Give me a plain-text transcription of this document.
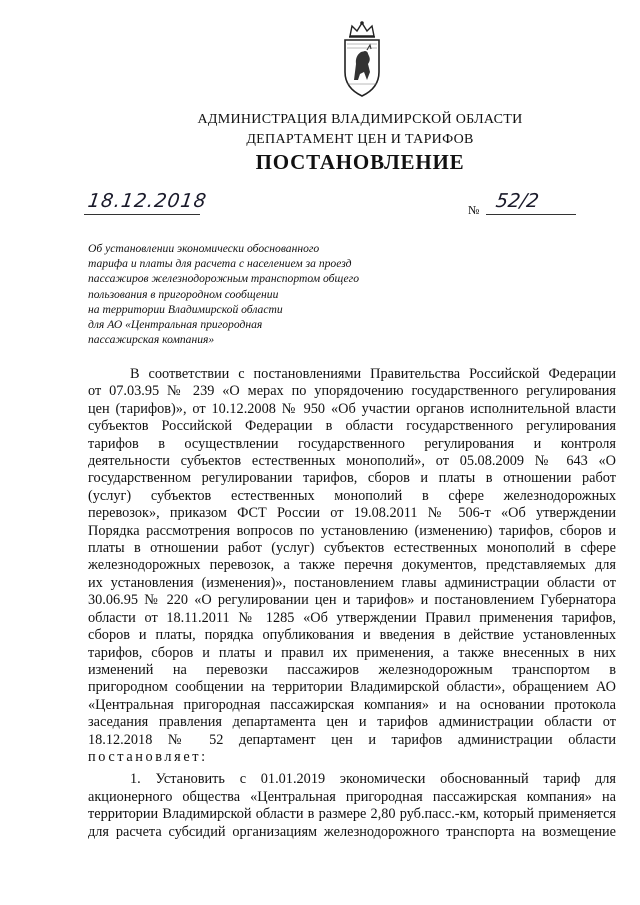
АДМИНИСТРАЦИЯ ВЛАДИМИРСКОЙ ОБЛАСТИ
ДЕПАРТАМЕНТ ЦЕН И ТАРИФОВ
ПОСТАНОВЛЕНИЕ
18.12.2018	№ 52/2
Об установлении экономически обоснованного
тарифа и платы для расчета с населением за проезд
пассажиров железнодорожным транспортом общего
пользования в пригородном сообщении
на территории Владимирской области
для АО «Центральная пригородная
пассажирская компания»
В соответствии с постановлениями Правительства Российской Федерации
от 07.03.95 № 239 «О мерах по упорядочению государственного регулирования
цен (тарифов)», от 10.12.2008 № 950 «Об участии органов исполнительной власти
субъектов Российской Федерации в области государственного регулирования
тарифов в осуществлении государственного регулирования и контроля
деятельности субъектов естественных монополий», от 05.08.2009 № 643 «О
государственном регулировании тарифов, сборов и платы в отношении работ
(услуг) субъектов естественных монополий в сфере железнодорожных
перевозок», приказом ФСТ России от 19.08.2011 № 506-т «Об утверждении
Порядка рассмотрения вопросов по установлению (изменению) тарифов, сборов и
платы в отношении работ (услуг) субъектов естественных монополий в сфере
железнодорожных перевозок, а также перечня документов, представляемых для
их установления (изменения)», постановлением главы администрации области от
30.06.95 № 220 «О регулировании цен и тарифов» и постановлением Губернатора
области от 18.11.2011 № 1285 «Об утверждении Правил применения тарифов,
сборов и платы, порядка опубликования и введения в действие установленных
тарифов, сборов и платы и правил их применения, а также внесенных в них
изменений на перевозки пассажиров железнодорожным транспортом в
пригородном сообщении на территории Владимирской области», обращением АО
«Центральная пригородная пассажирская компания» и на основании протокола
заседания правления департамента цен и тарифов администрации области от
18.12.2018 № 52 департамент цен и тарифов администрации области
постановляет:
1. Установить с 01.01.2019 экономически обоснованный тариф для
акционерного общества «Центральная пригородная пассажирская компания» на
территории Владимирской области в размере 2,80 руб.пасс.-км, который применяется
для расчета субсидий организациям железнодорожного транспорта на возмещение
